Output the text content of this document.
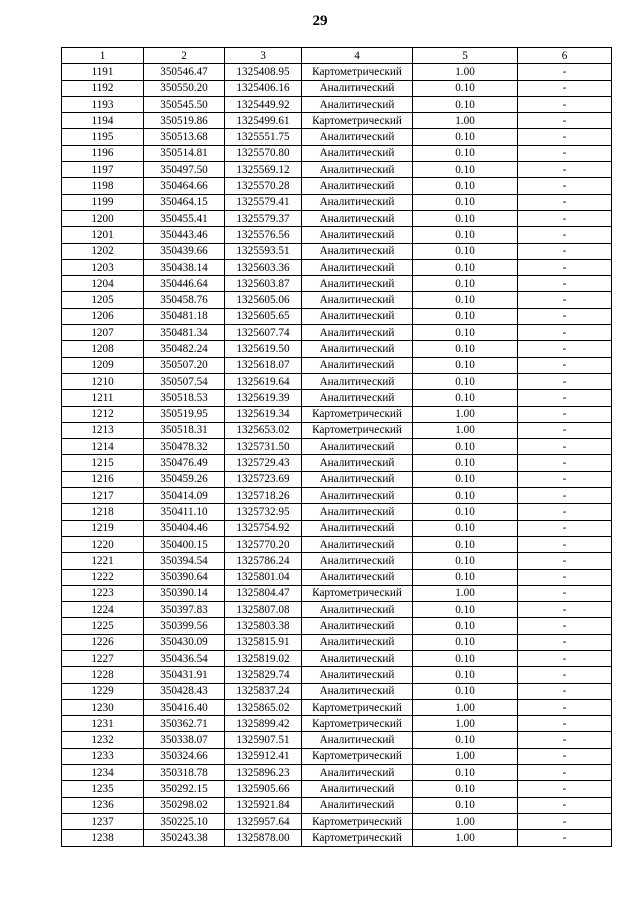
29
1	2	3	4	5	6
1191	350546.47	1325408.95	Картометрический	1.00	-
1192	350550.20	1325406.16	Аналитический	0.10	-
1193	350545.50	1325449.92	Аналитический	0.10	-
1194	350519.86	1325499.61	Картометрический	1.00	-
1195	350513.68	1325551.75	Аналитический	0.10	-
1196	350514.81	1325570.80	Аналитический	0.10	-
1197	350497.50	1325569.12	Аналитический	0.10	-
1198	350464.66	1325570.28	Аналитический	0.10	-
1199	350464.15	1325579.41	Аналитический	0.10	-
1200	350455.41	1325579.37	Аналитический	0.10	-
1201	350443.46	1325576.56	Аналитический	0.10	-
1202	350439.66	1325593.51	Аналитический	0.10	-
1203	350438.14	1325603.36	Аналитический	0.10	-
1204	350446.64	1325603.87	Аналитический	0.10	-
1205	350458.76	1325605.06	Аналитический	0.10	-
1206	350481.18	1325605.65	Аналитический	0.10	-
1207	350481.34	1325607.74	Аналитический	0.10	-
1208	350482.24	1325619.50	Аналитический	0.10	-
1209	350507.20	1325618.07	Аналитический	0.10	-
1210	350507.54	1325619.64	Аналитический	0.10	-
1211	350518.53	1325619.39	Аналитический	0.10	-
1212	350519.95	1325619.34	Картометрический	1.00	-
1213	350518.31	1325653.02	Картометрический	1.00	-
1214	350478.32	1325731.50	Аналитический	0.10	-
1215	350476.49	1325729.43	Аналитический	0.10	-
1216	350459.26	1325723.69	Аналитический	0.10	-
1217	350414.09	1325718.26	Аналитический	0.10	-
1218	350411.10	1325732.95	Аналитический	0.10	-
1219	350404.46	1325754.92	Аналитический	0.10	-
1220	350400.15	1325770.20	Аналитический	0.10	-
1221	350394.54	1325786.24	Аналитический	0.10	-
1222	350390.64	1325801.04	Аналитический	0.10	-
1223	350390.14	1325804.47	Картометрический	1.00	-
1224	350397.83	1325807.08	Аналитический	0.10	-
1225	350399.56	1325803.38	Аналитический	0.10	-
1226	350430.09	1325815.91	Аналитический	0.10	-
1227	350436.54	1325819.02	Аналитический	0.10	-
1228	350431.91	1325829.74	Аналитический	0.10	-
1229	350428.43	1325837.24	Аналитический	0.10	-
1230	350416.40	1325865.02	Картометрический	1.00	-
1231	350362.71	1325899.42	Картометрический	1.00	-
1232	350338.07	1325907.51	Аналитический	0.10	-
1233	350324.66	1325912.41	Картометрический	1.00	-
1234	350318.78	1325896.23	Аналитический	0.10	-
1235	350292.15	1325905.66	Аналитический	0.10	-
1236	350298.02	1325921.84	Аналитический	0.10	-
1237	350225.10	1325957.64	Картометрический	1.00	-
1238	350243.38	1325878.00	Картометрический	1.00	-
